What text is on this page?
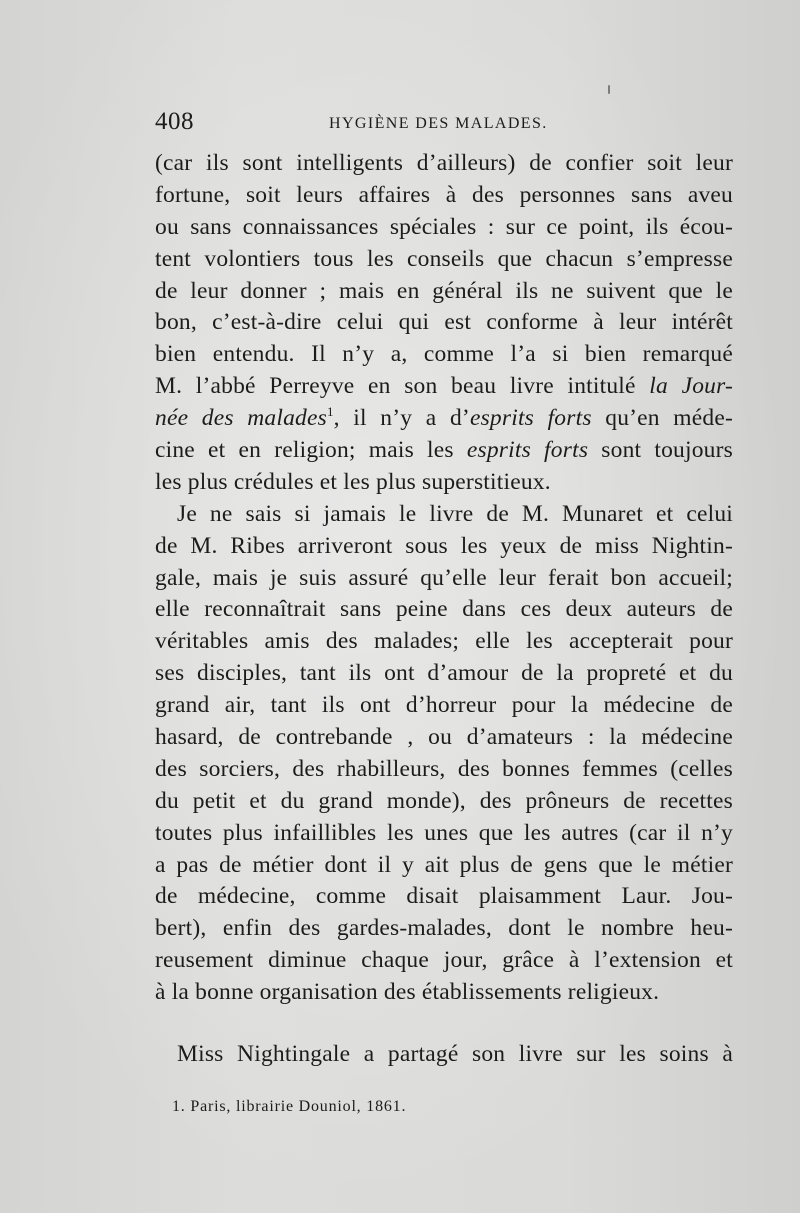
408	HYGIÈNE DES MALADES.
(car ils sont intelligents d’ailleurs) de confier soit leur
fortune, soit leurs affaires à des personnes sans aveu
ou sans connaissances spéciales : sur ce point, ils écou-
tent volontiers tous les conseils que chacun s’empresse
de leur donner ; mais en général ils ne suivent que le
bon, c’est-à-dire celui qui est conforme à leur intérêt
bien entendu. Il n’y a, comme l’a si bien remarqué
M. l’abbé Perreyve en son beau livre intitulé la Jour-
née des malades$^1$, il n’y a d’esprits forts qu’en méde-
cine et en religion; mais les esprits forts sont toujours
les plus crédules et les plus superstitieux.
Je ne sais si jamais le livre de M. Munaret et celui
de M. Ribes arriveront sous les yeux de miss Nightin-
gale, mais je suis assuré qu’elle leur ferait bon accueil;
elle reconnaîtrait sans peine dans ces deux auteurs de
véritables amis des malades; elle les accepterait pour
ses disciples, tant ils ont d’amour de la propreté et du
grand air, tant ils ont d’horreur pour la médecine de
hasard, de contrebande , ou d’amateurs : la médecine
des sorciers, des rhabilleurs, des bonnes femmes (celles
du petit et du grand monde), des prôneurs de recettes
toutes plus infaillibles les unes que les autres (car il n’y
a pas de métier dont il y ait plus de gens que le métier
de médecine, comme disait plaisamment Laur. Jou-
bert), enfin des gardes-malades, dont le nombre heu-
reusement diminue chaque jour, grâce à l’extension et
à la bonne organisation des établissements religieux.
Miss Nightingale a partagé son livre sur les soins à
1. Paris, librairie Douniol, 1861.
